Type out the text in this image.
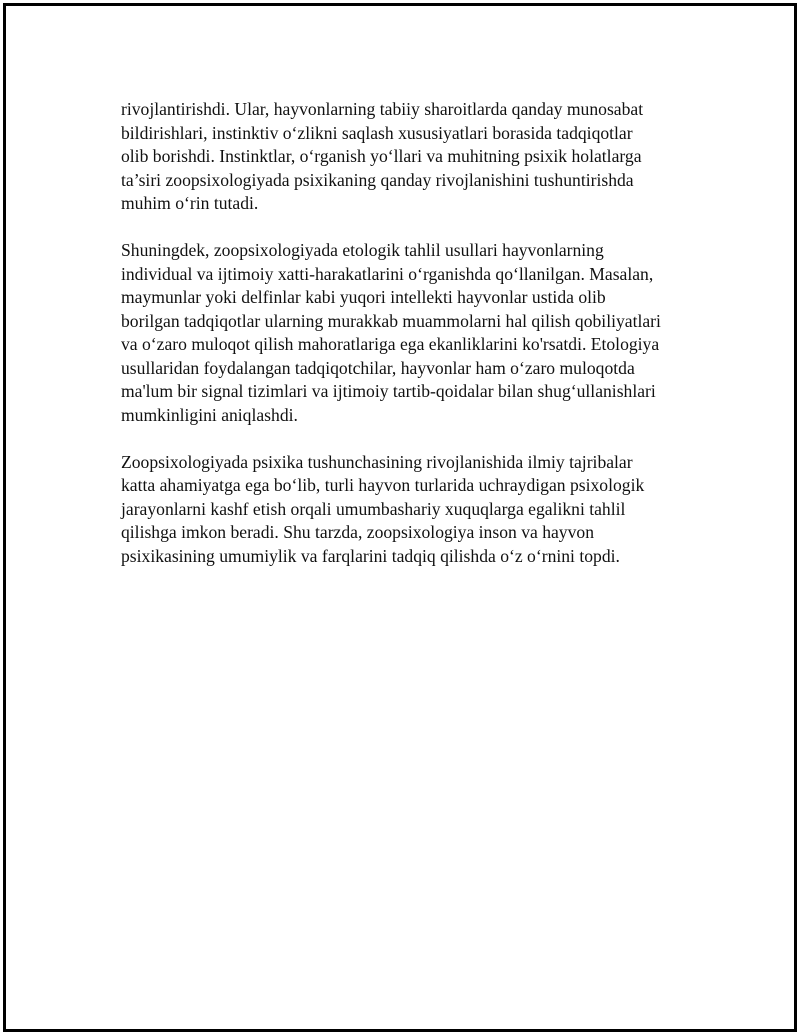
rivojlantirishdi. Ular, hayvonlarning tabiiy sharoitlarda qanday munosabat
bildirishlari, instinktiv o‘zlikni saqlash xususiyatlari borasida tadqiqotlar
olib borishdi. Instinktlar, o‘rganish yo‘llari va muhitning psixik holatlarga
ta’siri zoopsixologiyada psixikaning qanday rivojlanishini tushuntirishda
muhim o‘rin tutadi.

Shuningdek, zoopsixologiyada etologik tahlil usullari hayvonlarning
individual va ijtimoiy xatti-harakatlarini o‘rganishda qo‘llanilgan. Masalan,
maymunlar yoki delfinlar kabi yuqori intellekti hayvonlar ustida olib
borilgan tadqiqotlar ularning murakkab muammolarni hal qilish qobiliyatlari
va o‘zaro muloqot qilish mahoratlariga ega ekanliklarini ko'rsatdi. Etologiya
usullaridan foydalangan tadqiqotchilar, hayvonlar ham o‘zaro muloqotda
ma'lum bir signal tizimlari va ijtimoiy tartib-qoidalar bilan shug‘ullanishlari
mumkinligini aniqlashdi.

Zoopsixologiyada psixika tushunchasining rivojlanishida ilmiy tajribalar
katta ahamiyatga ega bo‘lib, turli hayvon turlarida uchraydigan psixologik
jarayonlarni kashf etish orqali umumbashariy xuquqlarga egalikni tahlil
qilishga imkon beradi. Shu tarzda, zoopsixologiya inson va hayvon
psixikasining umumiylik va farqlarini tadqiq qilishda o‘z o‘rnini topdi.
